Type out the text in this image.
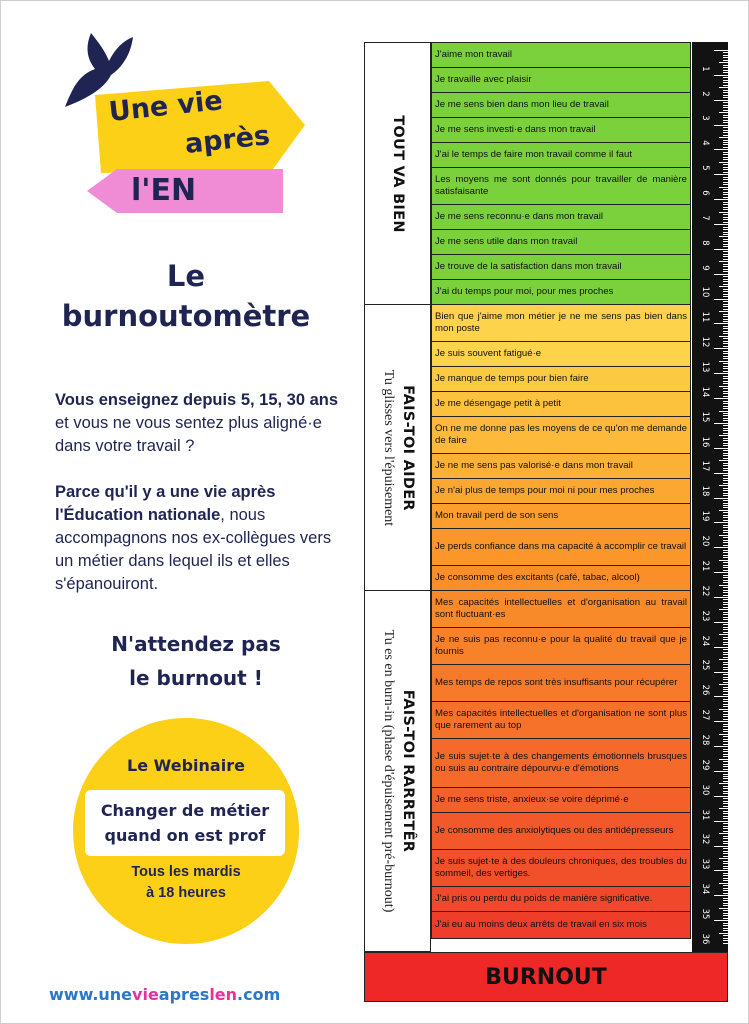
Une vie
après
l'EN
Le
burnoutomètre

Vous enseignez depuis 5, 15, 30 ans et vous ne vous sentez plus aligné·e dans votre travail ?

Parce qu'il y a une vie après l'Éducation nationale, nous accompagnons nos ex-collègues vers un métier dans lequel ils et elles s'épanouiront.

N'attendez pas
le burnout !
Le Webinaire
Changer de métier
quand on est prof
Tous les mardis
à 18 heures
www.unevieapreslen.com
TOUT VA BIEN
FAIS-TOI AIDER
Tu glisses vers l'épuisement
FAIS-TOI RARRETÊR
Tu es en burn-in (phase d'épuisement pré-burnout)
J'aime mon travail
Je travaille avec plaisir
Je me sens bien dans mon lieu de travail
Je me sens investi·e dans mon travail
J'ai le temps de faire mon travail comme il faut
Les moyens me sont donnés pour travailler de manière satisfaisante
Je me sens reconnu·e dans mon travail
Je me sens utile dans mon travail
Je trouve de la satisfaction dans mon travail
J'ai du temps pour moi, pour mes proches
Bien que j'aime mon métier je ne me sens pas bien dans mon poste
Je suis souvent fatigué·e
Je manque de temps pour bien faire
Je me désengage petit à petit
On ne me donne pas les moyens de ce qu'on me demande de faire
Je ne me sens pas valorisé·e dans mon travail
Je n'ai plus de temps pour moi ni pour mes proches
Mon travail perd de son sens
Je perds confiance dans ma capacité à accomplir ce travail
Je consomme des excitants (café, tabac, alcool)
Mes capacités intellectuelles et d'organisation au travail sont fluctuant·es
Je ne suis pas reconnu·e pour la qualité du travail que je fournis
Mes temps de repos sont très insuffisants pour récupérer
Mes capacités intellectuelles et d'organisation ne sont plus que rarement au top
Je suis sujet·te à des changements émotionnels brusques ou suis au contraire dépourvu·e d'émotions
Je me sens triste, anxieux·se voire déprimé·e
Je consomme des anxiolytiques ou des antidépresseurs
Je suis sujet·te à des douleurs chroniques, des troubles du sommeil, des vertiges.
J'ai pris ou perdu du poids de manière significative.
J'ai eu au moins deux arrêts de travail en six mois
1
2
3
4
5
6
7
8
9
10
11
12
13
14
15
16
17
18
19
20
21
22
23
24
25
26
27
28
29
30
31
32
33
34
35
36
BURNOUT
